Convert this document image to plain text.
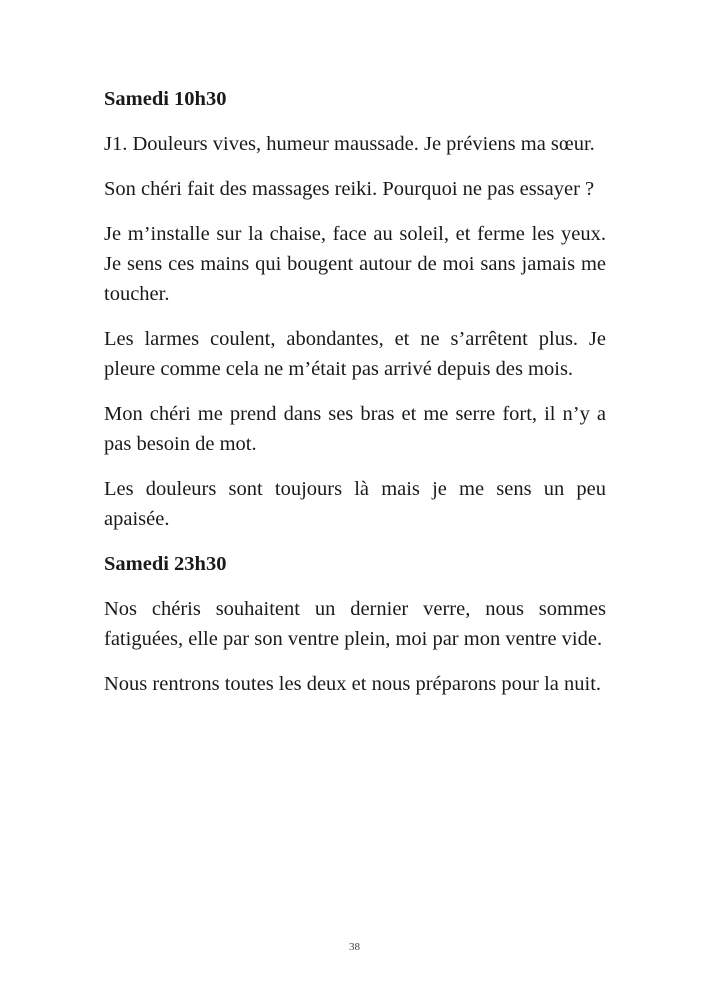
Samedi 10h30

J1. Douleurs vives, humeur maussade. Je préviens ma sœur.

Son chéri fait des massages reiki. Pourquoi ne pas essayer ?

Je m’installe sur la chaise, face au soleil, et ferme les yeux. Je sens ces mains qui bougent autour de moi sans jamais me toucher.

Les larmes coulent, abondantes, et ne s’arrêtent plus. Je pleure comme cela ne m’était pas arrivé depuis des mois.

Mon chéri me prend dans ses bras et me serre fort, il n’y a pas besoin de mot.

Les douleurs sont toujours là mais je me sens un peu apaisée.

Samedi 23h30

Nos chéris souhaitent un dernier verre, nous sommes fatiguées, elle par son ventre plein, moi par mon ventre vide.

Nous rentrons toutes les deux et nous préparons pour la nuit.

38
